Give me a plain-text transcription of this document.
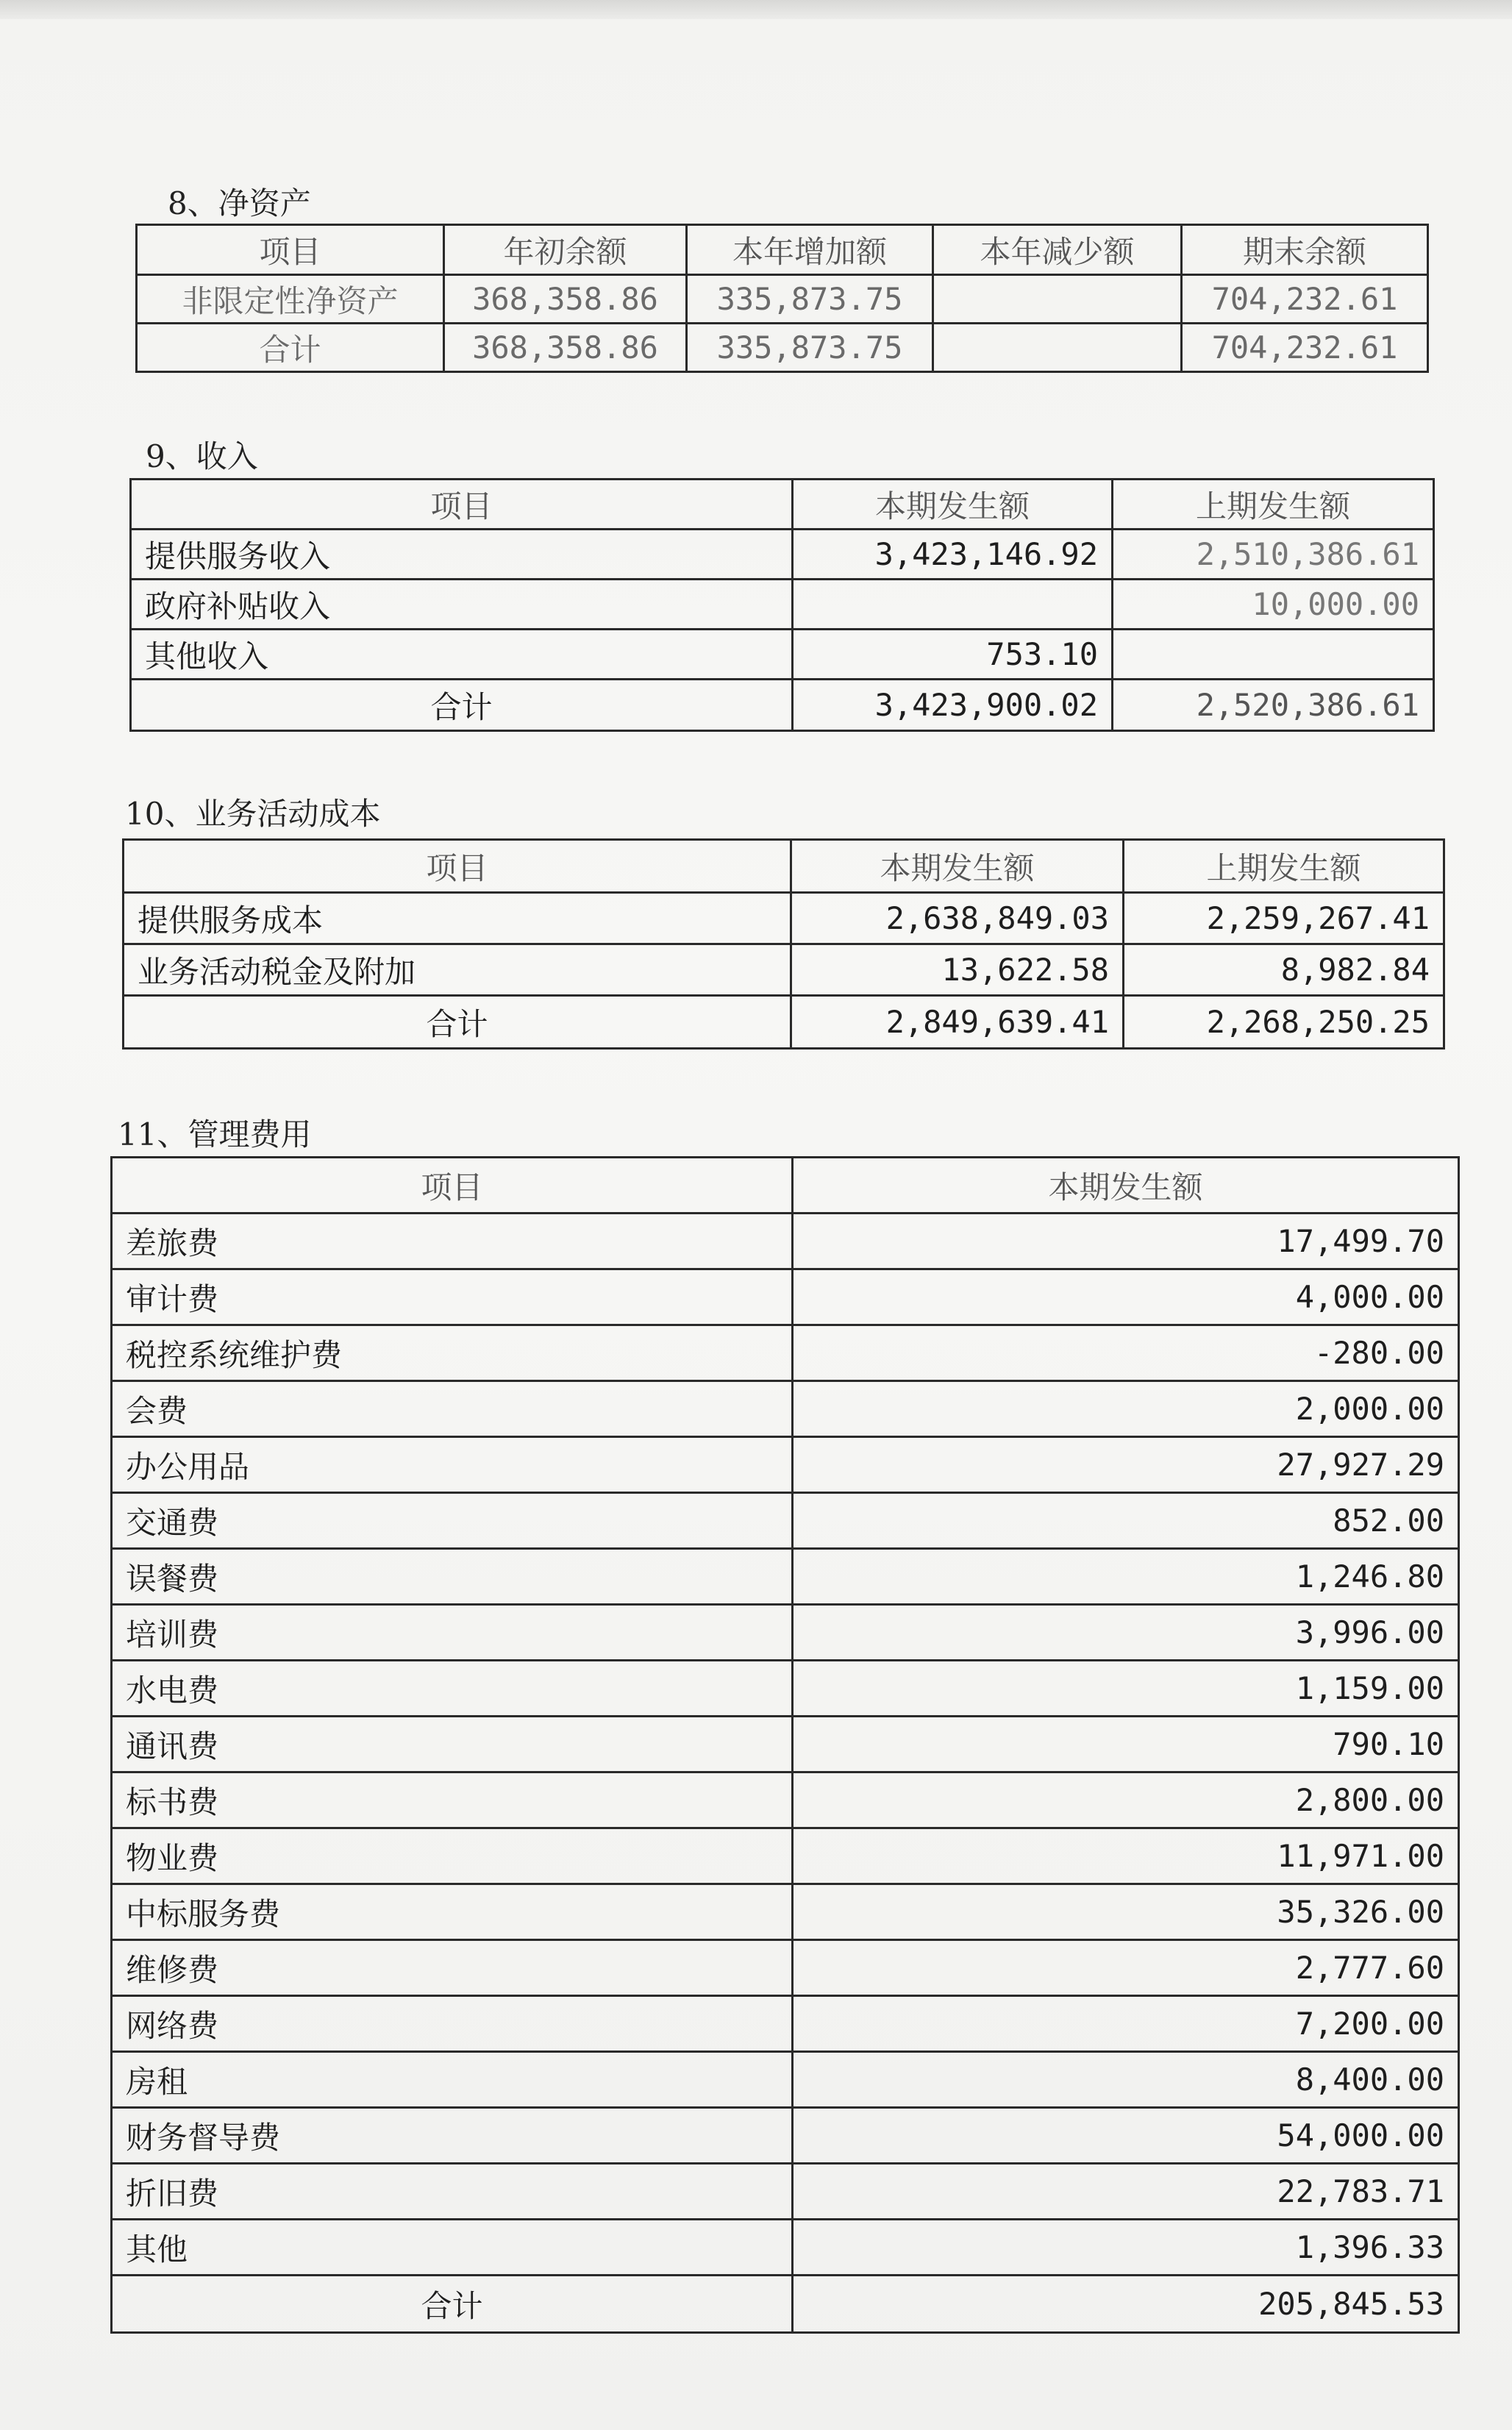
8、净资产
项目	年初余额	本年增加额	本年减少额	期末余额
非限定性净资产	368,358.86	335,873.75		704,232.61
合计	368,358.86	335,873.75		704,232.61
9、收入
项目	本期发生额	上期发生额
提供服务收入	3,423,146.92	2,510,386.61
政府补贴收入		10,000.00
其他收入	753.10	
合计	3,423,900.02	2,520,386.61
10、业务活动成本
项目	本期发生额	上期发生额
提供服务成本	2,638,849.03	2,259,267.41
业务活动税金及附加	13,622.58	8,982.84
合计	2,849,639.41	2,268,250.25
11、管理费用
项目	本期发生额
差旅费	17,499.70
审计费	4,000.00
税控系统维护费	-280.00
会费	2,000.00
办公用品	27,927.29
交通费	852.00
误餐费	1,246.80
培训费	3,996.00
水电费	1,159.00
通讯费	790.10
标书费	2,800.00
物业费	11,971.00
中标服务费	35,326.00
维修费	2,777.60
网络费	7,200.00
房租	8,400.00
财务督导费	54,000.00
折旧费	22,783.71
其他	1,396.33
合计	205,845.53
